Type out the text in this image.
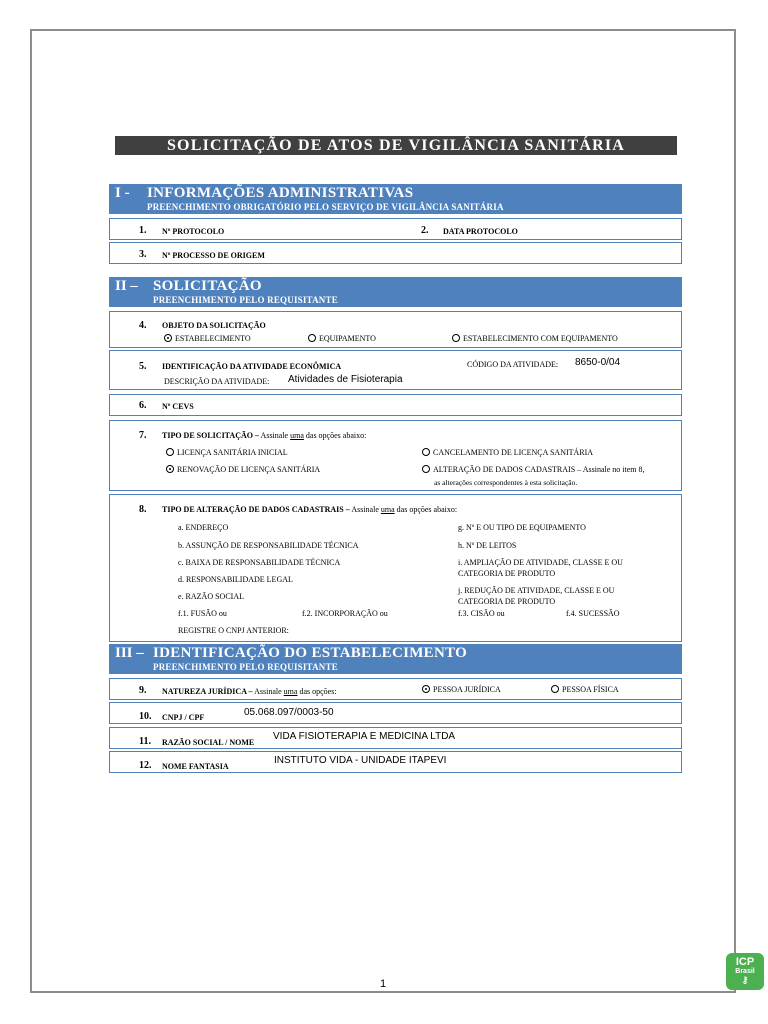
SOLICITAÇÃO DE ATOS DE VIGILÂNCIA SANITÁRIA
I - INFORMAÇÕES ADMINISTRATIVAS
PREENCHIMENTO OBRIGATÓRIO PELO SERVIÇO DE VIGILÂNCIA SANITÁRIA
1. Nº PROTOCOLO	2. DATA PROTOCOLO
3. Nº PROCESSO DE ORIGEM
II – SOLICITAÇÃO
PREENCHIMENTO PELO REQUISITANTE
4. OBJETO DA SOLICITAÇÃO
ESTABELECIMENTO	EQUIPAMENTO	ESTABELECIMENTO COM EQUIPAMENTO
5. IDENTIFICAÇÃO DA ATIVIDADE ECONÔMICA	CÓDIGO DA ATIVIDADE: 8650-0/04
DESCRIÇÃO DA ATIVIDADE: Atividades de Fisioterapia
6. Nº CEVS
7. TIPO DE SOLICITAÇÃO – Assinale uma das opções abaixo:
LICENÇA SANITÁRIA INICIAL	CANCELAMENTO DE LICENÇA SANITÁRIA
RENOVAÇÃO DE LICENÇA SANITÁRIA	ALTERAÇÃO DE DADOS CADASTRAIS – Assinale no item 8,
as alterações correspondentes à esta solicitação.
8. TIPO DE ALTERAÇÃO DE DADOS CADASTRAIS – Assinale uma das opções abaixo:
a. ENDEREÇO
b. ASSUNÇÃO DE RESPONSABILIDADE TÉCNICA
c. BAIXA DE RESPONSABILIDADE TÉCNICA
d. RESPONSABILIDADE LEGAL
e. RAZÃO SOCIAL
f.1. FUSÃO ou	f.2. INCORPORAÇÃO ou	f.3. CISÃO ou	f.4. SUCESSÃO
REGISTRE O CNPJ ANTERIOR:
g. Nº E OU TIPO DE EQUIPAMENTO
h. Nº DE LEITOS
i. AMPLIAÇÃO DE ATIVIDADE, CLASSE E OU
CATEGORIA DE PRODUTO
j. REDUÇÃO DE ATIVIDADE, CLASSE E OU
CATEGORIA DE PRODUTO
III – IDENTIFICAÇÃO DO ESTABELECIMENTO
PREENCHIMENTO PELO REQUISITANTE
9. NATUREZA JURÍDICA – Assinale uma das opções:	PESSOA JURÍDICA	PESSOA FÍSICA
10. CNPJ / CPF	05.068.097/0003-50
11. RAZÃO SOCIAL / NOME
VIDA FISIOTERAPIA E MEDICINA LTDA
12. NOME FANTASIA
INSTITUTO VIDA - UNIDADE ITAPEVI
1
ICP
Brasil
⚷
